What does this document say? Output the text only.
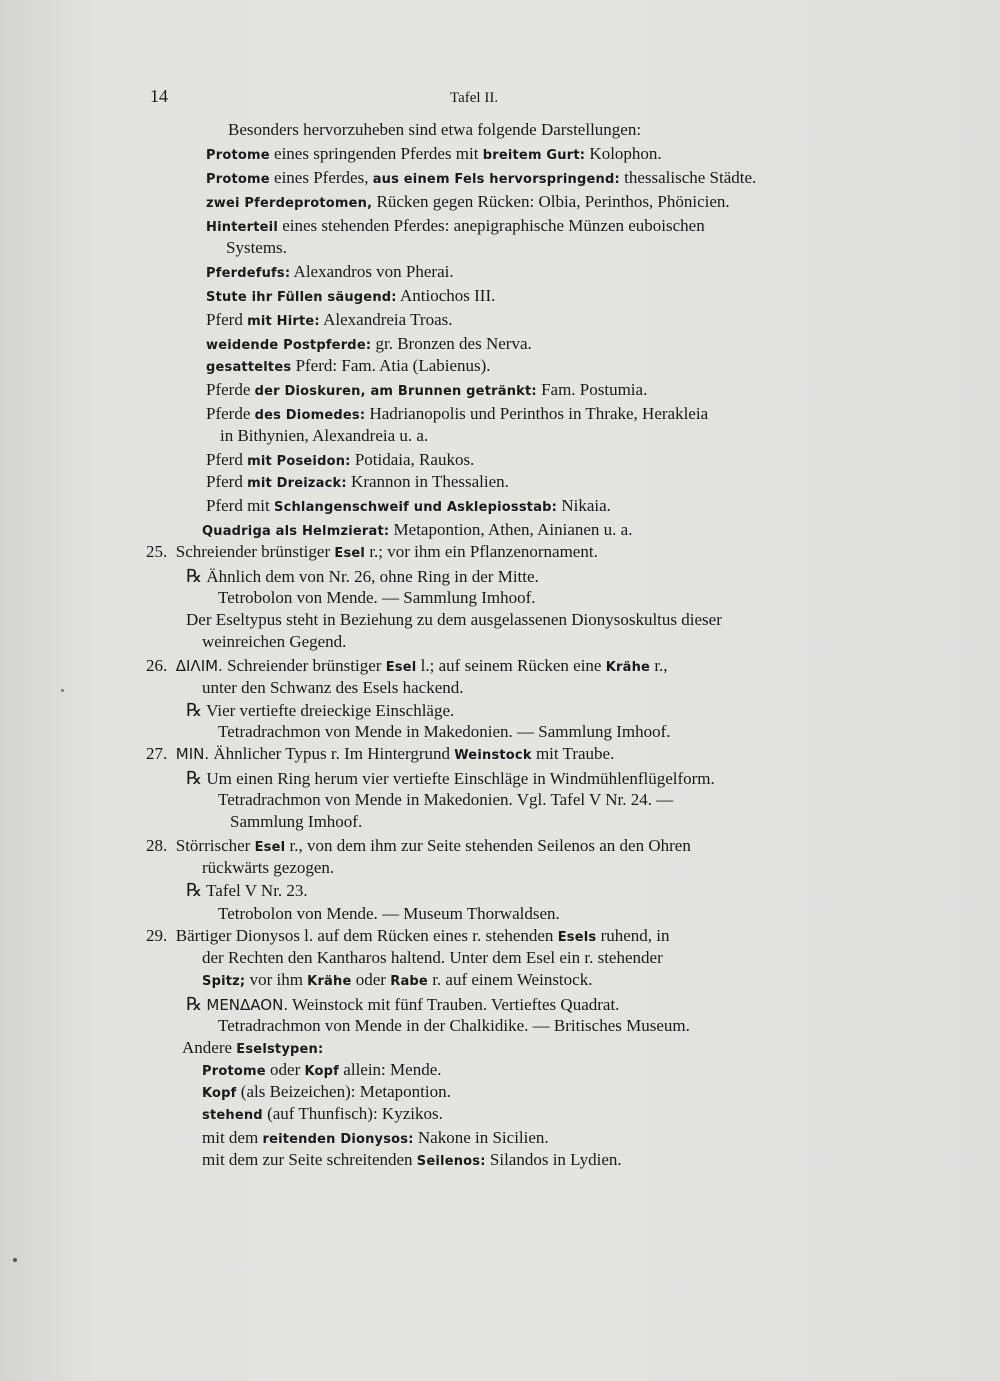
14	Tafel II.
Besonders hervorzuheben sind etwa folgende Darstellungen:
Protome eines springenden Pferdes mit breitem Gurt: Kolophon.
Protome eines Pferdes, aus einem Fels hervorspringend: thessalische Städte.
zwei Pferdeprotomen, Rücken gegen Rücken: Olbia, Perinthos, Phönicien.
Hinterteil eines stehenden Pferdes: anepigraphische Münzen euboischen
Systems.
Pferdefufs: Alexandros von Pherai.
Stute ihr Füllen säugend: Antiochos III.
Pferd mit Hirte: Alexandreia Troas.
weidende Postpferde: gr. Bronzen des Nerva.
gesatteltes Pferd: Fam. Atia (Labienus).
Pferde der Dioskuren, am Brunnen getränkt: Fam. Postumia.
Pferde des Diomedes: Hadrianopolis und Perinthos in Thrake, Herakleia
in Bithynien, Alexandreia u. a.
Pferd mit Poseidon: Potidaia, Raukos.
Pferd mit Dreizack: Krannon in Thessalien.
Pferd mit Schlangenschweif und Asklepiosstab: Nikaia.
Quadriga als Helmzierat: Metapontion, Athen, Ainianen u. a.
25.  Schreiender brünstiger Esel r.; vor ihm ein Pflanzenornament.
℞ Ähnlich dem von Nr. 26, ohne Ring in der Mitte.
Tetrobolon von Mende. — Sammlung Imhoof.
Der Eseltypus steht in Beziehung zu dem ausgelassenen Dionysoskultus dieser
weinreichen Gegend.
26.  ΔΙΛΙΜ. Schreiender brünstiger Esel l.; auf seinem Rücken eine Krähe r.,
unter den Schwanz des Esels hackend.
℞ Vier vertiefte dreieckige Einschläge.
Tetradrachmon von Mende in Makedonien. — Sammlung Imhoof.
27.  MIN. Ähnlicher Typus r. Im Hintergrund Weinstock mit Traube.
℞ Um einen Ring herum vier vertiefte Einschläge in Windmühlenflügelform.
Tetradrachmon von Mende in Makedonien. Vgl. Tafel V Nr. 24. —
Sammlung Imhoof.
28.  Störrischer Esel r., von dem ihm zur Seite stehenden Seilenos an den Ohren
rückwärts gezogen.
℞ Tafel V Nr. 23.
Tetrobolon von Mende. — Museum Thorwaldsen.
29.  Bärtiger Dionysos l. auf dem Rücken eines r. stehenden Esels ruhend, in
der Rechten den Kantharos haltend. Unter dem Esel ein r. stehender
Spitz; vor ihm Krähe oder Rabe r. auf einem Weinstock.
℞ MENΔAON. Weinstock mit fünf Trauben. Vertieftes Quadrat.
Tetradrachmon von Mende in der Chalkidike. — Britisches Museum.
Andere Eselstypen:
Protome oder Kopf allein: Mende.
Kopf (als Beizeichen): Metapontion.
stehend (auf Thunfisch): Kyzikos.
mit dem reitenden Dionysos: Nakone in Sicilien.
mit dem zur Seite schreitenden Seilenos: Silandos in Lydien.
